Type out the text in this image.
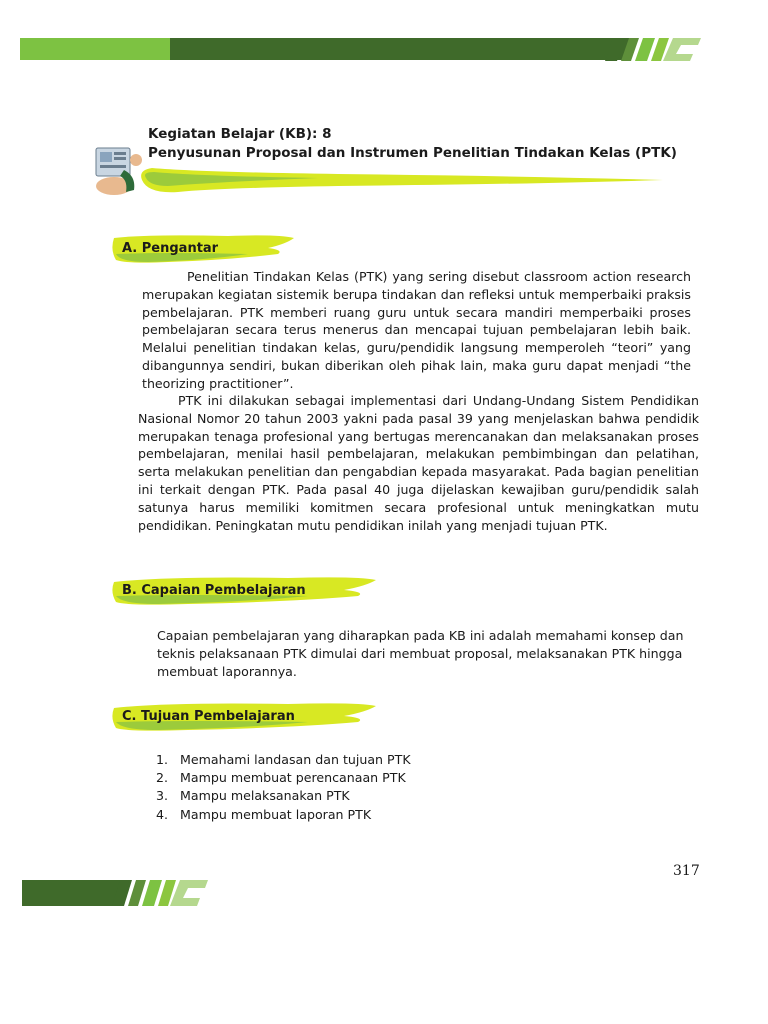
Kegiatan Belajar (KB): 8
Penyusunan Proposal dan Instrumen Penelitian Tindakan Kelas (PTK)
A. Pengantar
Penelitian Tindakan Kelas (PTK) yang sering disebut classroom action research merupakan kegiatan sistemik berupa tindakan dan refleksi untuk memperbaiki praksis pembelajaran. PTK memberi ruang guru untuk secara mandiri memperbaiki proses pembelajaran secara terus menerus dan mencapai tujuan pembelajaran lebih baik. Melalui penelitian tindakan kelas, guru/pendidik langsung memperoleh “teori” yang dibangunnya sendiri, bukan diberikan oleh pihak lain, maka guru dapat menjadi “the theorizing practitioner”.
PTK ini dilakukan sebagai implementasi dari Undang-Undang Sistem Pendidikan Nasional Nomor 20 tahun 2003 yakni pada pasal 39 yang menjelaskan bahwa pendidik merupakan tenaga profesional yang bertugas merencanakan dan melaksanakan proses pembelajaran, menilai hasil pembelajaran, melakukan pembimbingan dan pelatihan, serta melakukan penelitian dan pengabdian kepada masyarakat. Pada bagian penelitian ini terkait dengan PTK. Pada pasal 40 juga dijelaskan kewajiban guru/pendidik salah satunya harus memiliki komitmen secara profesional untuk meningkatkan mutu pendidikan. Peningkatan mutu pendidikan inilah yang menjadi tujuan PTK.
B. Capaian Pembelajaran
Capaian pembelajaran yang diharapkan pada KB ini adalah memahami konsep dan teknis pelaksanaan PTK dimulai dari membuat proposal, melaksanakan PTK hingga membuat laporannya.
C. Tujuan Pembelajaran
1. Memahami landasan dan tujuan PTK
2. Mampu membuat perencanaan PTK
3. Mampu melaksanakan PTK
4. Mampu membuat laporan PTK
317
